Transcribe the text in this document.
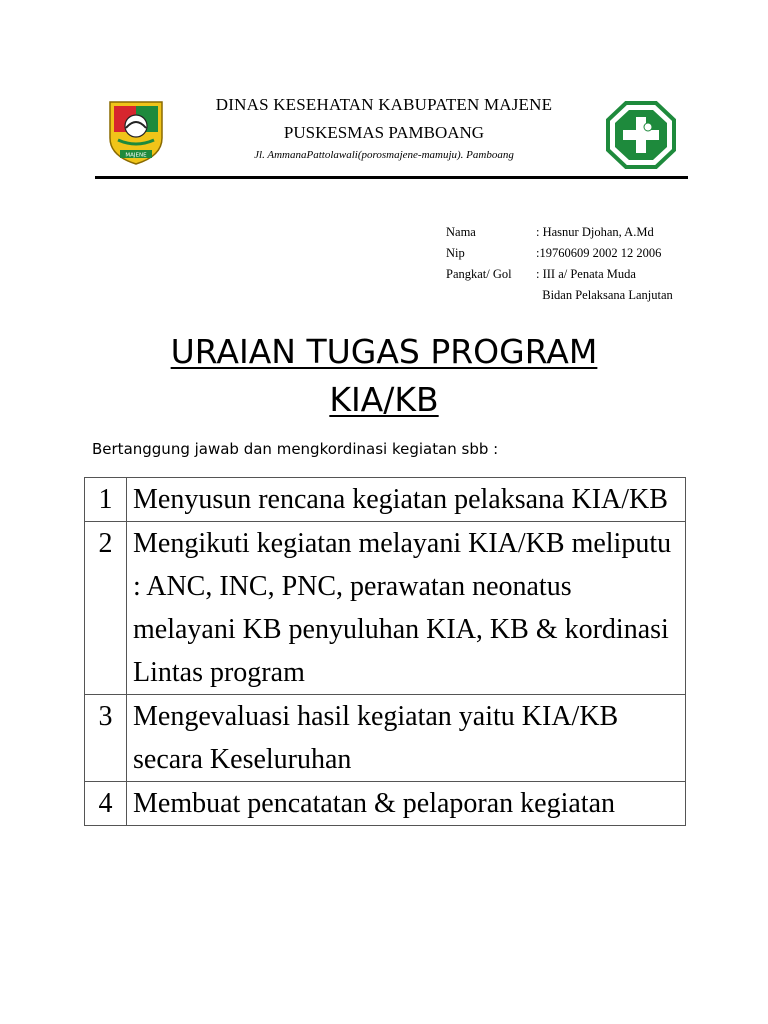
MAJENE
DINAS KESEHATAN KABUPATEN MAJENE
PUSKESMAS PAMBOANG
Jl. AmmanaPattolawali(porosmajene-mamuju). Pamboang
Nama	: Hasnur Djohan, A.Md
Nip	:19760609 2002 12 2006
Pangkat/ Gol	: III a/ Penata Muda
Bidan Pelaksana Lanjutan
URAIAN TUGAS PROGRAM
KIA/KB
Bertanggung jawab dan mengkordinasi kegiatan sbb :
1	Menyusun rencana kegiatan pelaksana KIA/KB
2	Mengikuti kegiatan melayani KIA/KB meliputu : ANC, INC, PNC, perawatan neonatus melayani KB penyuluhan KIA, KB & kordinasi Lintas program
3	Mengevaluasi hasil kegiatan yaitu KIA/KB secara Keseluruhan
4	Membuat pencatatan & pelaporan kegiatan
